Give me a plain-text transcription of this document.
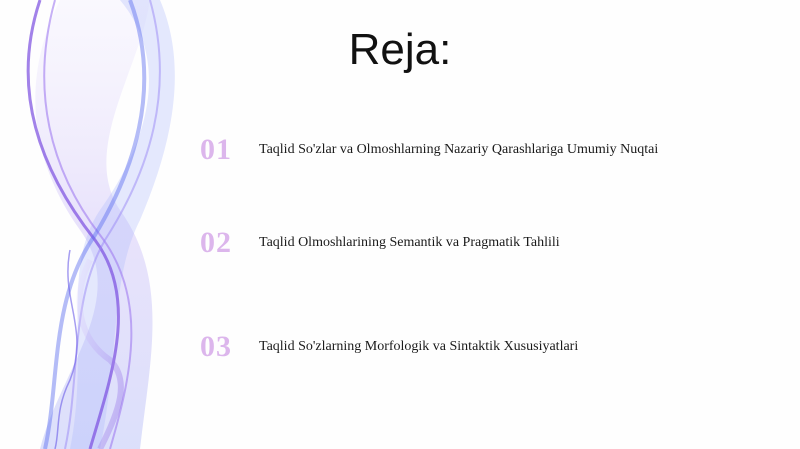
Reja:
01	Taqlid So'zlar va Olmoshlarning Nazariy Qarashlariga Umumiy Nuqtai
02	Taqlid Olmoshlarining Semantik va Pragmatik Tahlili
03	Taqlid So'zlarning Morfologik va Sintaktik Xususiyatlari
